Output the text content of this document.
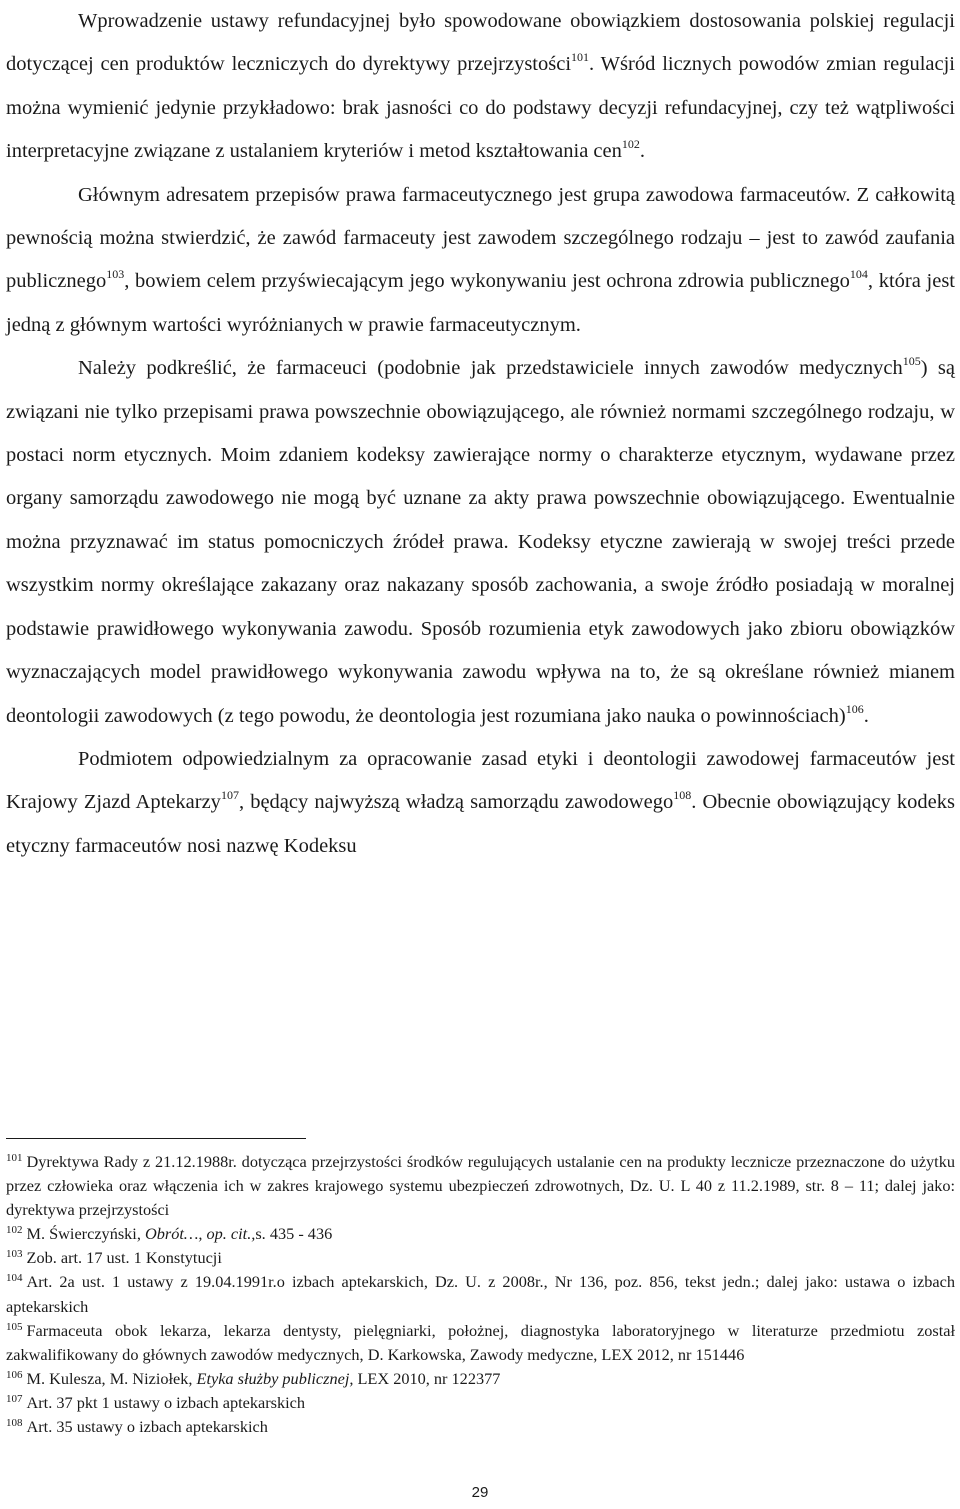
Wprowadzenie ustawy refundacyjnej było spowodowane obowiązkiem dostosowania polskiej regulacji dotyczącej cen produktów leczniczych do dyrektywy przejrzystości$^{101}$. Wśród licznych powodów zmian regulacji można wymienić jedynie przykładowo: brak jasności co do podstawy decyzji refundacyjnej, czy też wątpliwości interpretacyjne związane z ustalaniem kryteriów i metod kształtowania cen$^{102}$.

Głównym adresatem przepisów prawa farmaceutycznego jest grupa zawodowa farmaceutów. Z całkowitą pewnością można stwierdzić, że zawód farmaceuty jest zawodem szczególnego rodzaju – jest to zawód zaufania publicznego$^{103}$, bowiem celem przyświecającym jego wykonywaniu jest ochrona zdrowia publicznego$^{104}$, która jest jedną z głównym wartości wyróżnianych w prawie farmaceutycznym.

Należy podkreślić, że farmaceuci (podobnie jak przedstawiciele innych zawodów medycznych$^{105}$) są związani nie tylko przepisami prawa powszechnie obowiązującego, ale również normami szczególnego rodzaju, w postaci norm etycznych. Moim zdaniem kodeksy zawierające normy o charakterze etycznym, wydawane przez organy samorządu zawodowego nie mogą być uznane za akty prawa powszechnie obowiązującego. Ewentualnie można przyznawać im status pomocniczych źródeł prawa. Kodeksy etyczne zawierają w swojej treści przede wszystkim normy określające zakazany oraz nakazany sposób zachowania, a swoje źródło posiadają w moralnej podstawie prawidłowego wykonywania zawodu. Sposób rozumienia etyk zawodowych jako zbioru obowiązków wyznaczających model prawidłowego wykonywania zawodu wpływa na to, że są określane również mianem deontologii zawodowych (z tego powodu, że deontologia jest rozumiana jako nauka o powinnościach)$^{106}$.

Podmiotem odpowiedzialnym za opracowanie zasad etyki i deontologii zawodowej farmaceutów jest Krajowy Zjazd Aptekarzy$^{107}$, będący najwyższą władzą samorządu zawodowego$^{108}$. Obecnie obowiązujący kodeks etyczny farmaceutów nosi nazwę Kodeksu

$^{101}$ Dyrektywa Rady z 21.12.1988r. dotycząca przejrzystości środków regulujących ustalanie cen na produkty lecznicze przeznaczone do użytku przez człowieka oraz włączenia ich w zakres krajowego systemu ubezpieczeń zdrowotnych, Dz. U. L 40 z 11.2.1989, str. 8 – 11; dalej jako: dyrektywa przejrzystości

$^{102}$ M. Świerczyński, Obrót…, op. cit.,s. 435 - 436

$^{103}$ Zob. art. 17 ust. 1 Konstytucji

$^{104}$ Art. 2a ust. 1 ustawy z 19.04.1991r.o izbach aptekarskich, Dz. U. z 2008r., Nr 136, poz. 856, tekst jedn.; dalej jako: ustawa o izbach aptekarskich

$^{105}$ Farmaceuta obok lekarza, lekarza dentysty, pielęgniarki, położnej, diagnostyka laboratoryjnego w literaturze przedmiotu został zakwalifikowany do głównych zawodów medycznych, D. Karkowska, Zawody medyczne, LEX 2012, nr 151446

$^{106}$ M. Kulesza, M. Niziołek, Etyka służby publicznej, LEX 2010, nr 122377

$^{107}$ Art. 37 pkt 1 ustawy o izbach aptekarskich

$^{108}$ Art. 35 ustawy o izbach aptekarskich

29
